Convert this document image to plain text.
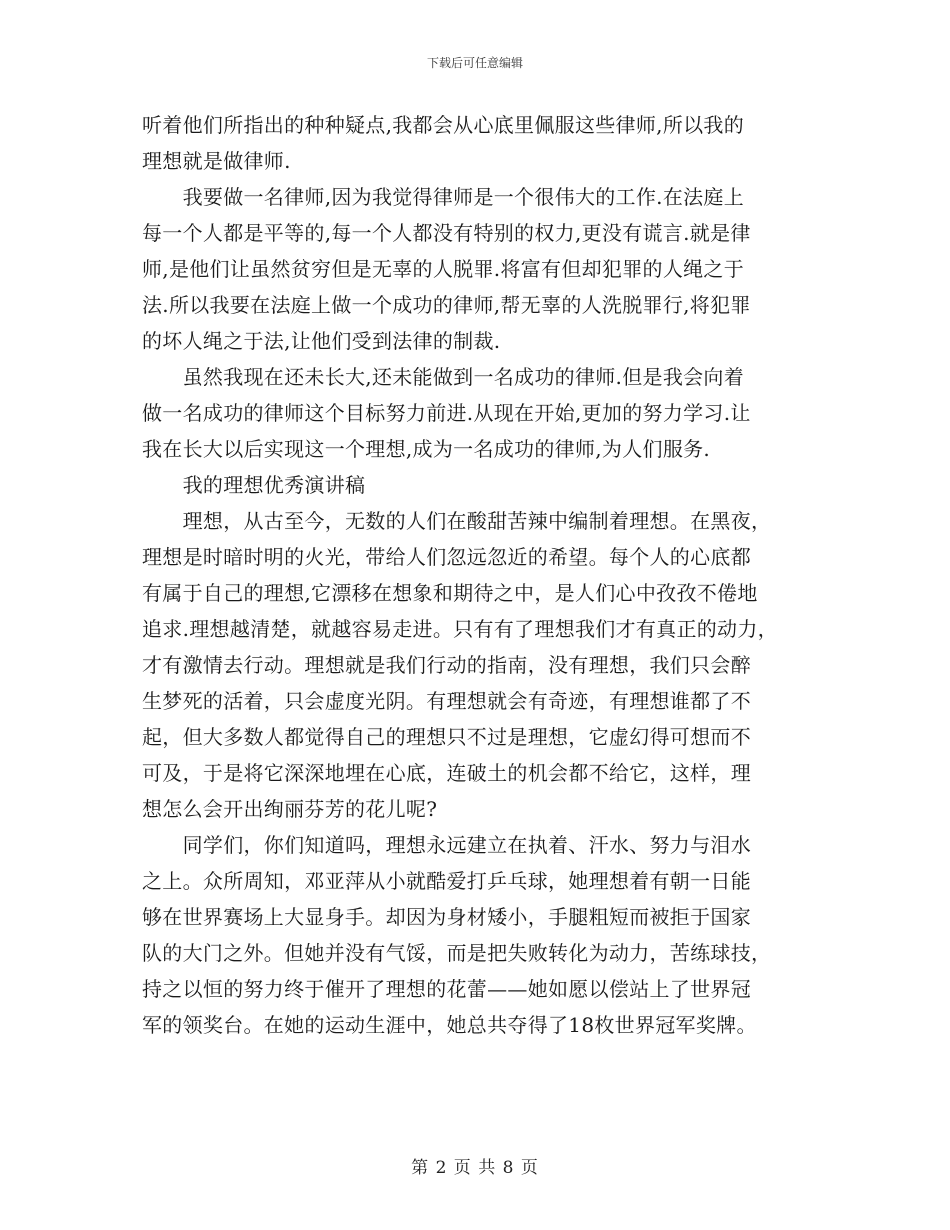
下载后可任意编辑
听着他们所指出的种种疑点,我都会从心底里佩服这些律师,所以我的
理想就是做律师.
　　我要做一名律师,因为我觉得律师是一个很伟大的工作.在法庭上
每一个人都是平等的,每一个人都没有特别的权力,更没有谎言.就是律
师,是他们让虽然贫穷但是无辜的人脱罪.将富有但却犯罪的人绳之于
法.所以我要在法庭上做一个成功的律师,帮无辜的人洗脱罪行,将犯罪
的坏人绳之于法,让他们受到法律的制裁.
　　虽然我现在还未长大,还未能做到一名成功的律师.但是我会向着
做一名成功的律师这个目标努力前进.从现在开始,更加的努力学习.让
我在长大以后实现这一个理想,成为一名成功的律师,为人们服务.
　　我的理想优秀演讲稿
　　理想，从古至今，无数的人们在酸甜苦辣中编制着理想。在黑夜，
理想是时暗时明的火光，带给人们忽远忽近的希望。每个人的心底都
有属于自己的理想,它漂移在想象和期待之中，是人们心中孜孜不倦地
追求.理想越清楚，就越容易走进。只有有了理想我们才有真正的动力，
才有激情去行动。理想就是我们行动的指南，没有理想，我们只会醉
生梦死的活着，只会虚度光阴。有理想就会有奇迹，有理想谁都了不
起，但大多数人都觉得自己的理想只不过是理想，它虚幻得可想而不
可及，于是将它深深地埋在心底，连破土的机会都不给它，这样，理
想怎么会开出绚丽芬芳的花儿呢?
　　同学们，你们知道吗，理想永远建立在执着、汗水、努力与泪水
之上。众所周知，邓亚萍从小就酷爱打乒乓球，她理想着有朝一日能
够在世界赛场上大显身手。却因为身材矮小，手腿粗短而被拒于国家
队的大门之外。但她并没有气馁，而是把失败转化为动力，苦练球技，
持之以恒的努力终于催开了理想的花蕾——她如愿以偿站上了世界冠
军的领奖台。在她的运动生涯中，她总共夺得了18枚世界冠军奖牌。
第 2 页 共 8 页
